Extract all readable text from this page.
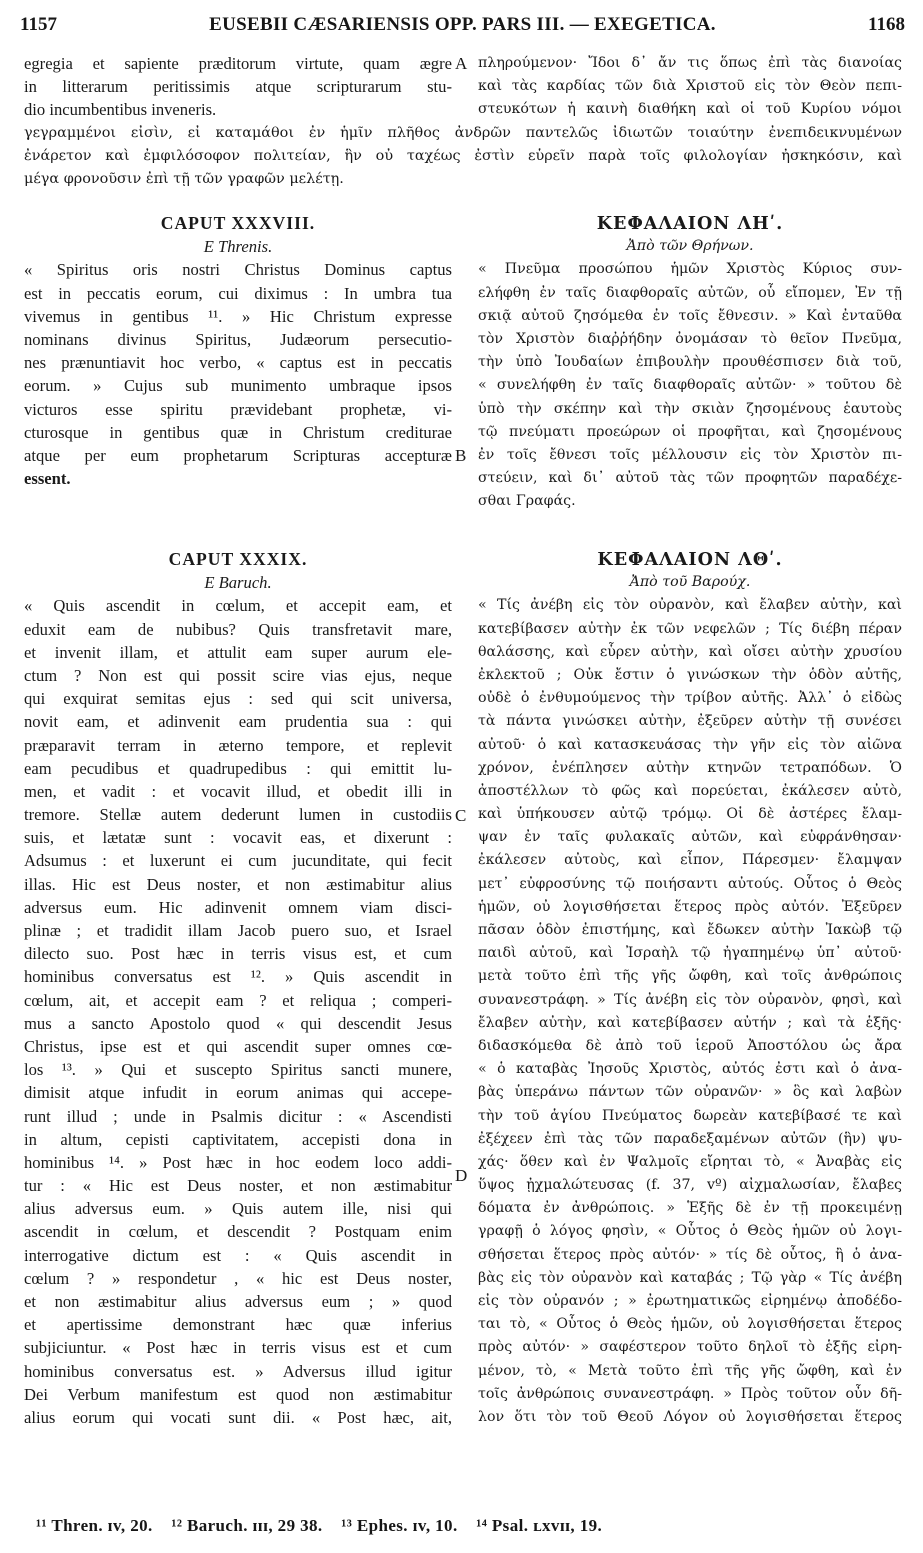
1157	EUSEBII CÆSARIENSIS OPP. PARS III. — EXEGETICA.	1168
egregia et sapiente præditorum virtute, quam ægre
in litterarum peritissimis atque scripturarum stu-
dio incumbentibus inveneris.
πληρούμενον· Ἴδοι δ᾽ ἄν τις ὅπως ἐπὶ τὰς διανοίας
καὶ τὰς καρδίας τῶν διὰ Χριστοῦ εἰς τὸν Θεὸν πεπι-
στευκότων ἡ καινὴ διαθήκη καὶ οἱ τοῦ Κυρίου νόμοι
γεγραμμένοι εἰσὶν, εἰ καταμάθοι ἐν ἡμῖν πλῆθος ἀνδρῶν παντελῶς ἰδιωτῶν τοιαύτην ἐνεπιδεικνυμένων
ἐνάρετον καὶ ἐμφιλόσοφον πολιτείαν, ἣν οὐ ταχέως ἐστὶν εὑρεῖν παρὰ τοῖς φιλολογίαν ἠσκηκόσιν, καὶ
μέγα φρονοῦσιν ἐπὶ τῇ τῶν γραφῶν μελέτῃ.
CAPUT XXXVIII.
E Threnis.
« Spiritus oris nostri Christus Dominus captus
est in peccatis eorum, cui diximus : In umbra tua
vivemus in gentibus ¹¹. » Hic Christum expresse
nominans divinus Spiritus, Judæorum persecutio-
nes prænuntiavit hoc verbo, « captus est in peccatis
eorum. » Cujus sub munimento umbraque ipsos
victuros esse spiritu prævidebant prophetæ, vi-
cturosque in gentibus quæ in Christum crediturae
atque per eum prophetarum Scripturas accepturæ
essent.
ΚΕΦΑΛΑΙΟΝ ΛΗʹ.
Ἀπὸ τῶν Θρήνων.
« Πνεῦμα προσώπου ἡμῶν Χριστὸς Κύριος συν-
ελήφθη ἐν ταῖς διαφθοραῖς αὐτῶν, οὗ εἴπομεν, Ἐν τῇ
σκιᾷ αὐτοῦ ζησόμεθα ἐν τοῖς ἔθνεσιν. » Καὶ ἐνταῦθα
τὸν Χριστὸν διαῤῥήδην ὀνομάσαν τὸ θεῖον Πνεῦμα,
τὴν ὑπὸ Ἰουδαίων ἐπιβουλὴν προυθέσπισεν διὰ τοῦ,
« συνελήφθη ἐν ταῖς διαφθοραῖς αὐτῶν· » τοῦτου δὲ
ὑπὸ τὴν σκέπην καὶ τὴν σκιὰν ζησομένους ἑαυτοὺς
τῷ πνεύματι προεώρων οἱ προφῆται, καὶ ζησομένους
ἐν τοῖς ἔθνεσι τοῖς μέλλουσιν εἰς τὸν Χριστὸν πι-
στεύειν, καὶ δι᾽ αὐτοῦ τὰς τῶν προφητῶν παραδέχε-
σθαι Γραφάς.
CAPUT XXXIX.
E Baruch.
« Quis ascendit in cœlum, et accepit eam, et
eduxit eam de nubibus? Quis transfretavit mare,
et invenit illam, et attulit eam super aurum ele-
ctum ? Non est qui possit scire vias ejus, neque
qui exquirat semitas ejus : sed qui scit universa,
novit eam, et adinvenit eam prudentia sua : qui
præparavit terram in æterno tempore, et replevit
eam pecudibus et quadrupedibus : qui emittit lu-
men, et vadit : et vocavit illud, et obedit illi in
tremore. Stellæ autem dederunt lumen in custodiis
suis, et lætatæ sunt : vocavit eas, et dixerunt :
Adsumus : et luxerunt ei cum jucunditate, qui fecit
illas. Hic est Deus noster, et non æstimabitur alius
adversus eum. Hic adinvenit omnem viam disci-
plinæ ; et tradidit illam Jacob puero suo, et Israel
dilecto suo. Post hæc in terris visus est, et cum
hominibus conversatus est ¹². » Quis ascendit in
cœlum, ait, et accepit eam ? et reliqua ; comperi-
mus a sancto Apostolo quod « qui descendit Jesus
Christus, ipse est et qui ascendit super omnes cœ-
los ¹³. » Qui et suscepto Spiritus sancti munere,
dimisit atque infudit in eorum animas qui accepe-
runt illud ; unde in Psalmis dicitur : « Ascendisti
in altum, cepisti captivitatem, accepisti dona in
hominibus ¹⁴. » Post hæc in hoc eodem loco addi-
tur : « Hic est Deus noster, et non æstimabitur
alius adversus eum. » Quis autem ille, nisi qui
ascendit in cœlum, et descendit ? Postquam enim
interrogative dictum est : « Quis ascendit in
cœlum ? » respondetur , « hic est Deus noster,
et non æstimabitur alius adversus eum ; » quod
et apertissime demonstrant hæc quæ inferius
subjiciuntur. « Post hæc in terris visus est et cum
hominibus conversatus est. » Adversus illud igitur
Dei Verbum manifestum est quod non æstimabitur
alius eorum qui vocati sunt dii. « Post hæc, ait,
ΚΕΦΑΛΑΙΟΝ ΛΘʹ.
Ἀπὸ τοῦ Βαρούχ.
« Τίς ἀνέβη εἰς τὸν οὐρανὸν, καὶ ἔλαβεν αὐτὴν, καὶ
κατεβίβασεν αὐτὴν ἐκ τῶν νεφελῶν ; Τίς διέβη πέραν
θαλάσσης, καὶ εὗρεν αὐτὴν, καὶ οἴσει αὐτὴν χρυσίου
ἐκλεκτοῦ ; Οὐκ ἔστιν ὁ γινώσκων τὴν ὁδὸν αὐτῆς,
οὐδὲ ὁ ἐνθυμούμενος τὴν τρίβον αὐτῆς. Ἀλλ᾽ ὁ εἰδὼς
τὰ πάντα γινώσκει αὐτὴν, ἐξεῦρεν αὐτὴν τῇ συνέσει
αὐτοῦ· ὁ καὶ κατασκευάσας τὴν γῆν εἰς τὸν αἰῶνα
χρόνον, ἐνέπλησεν αὐτὴν κτηνῶν τετραπόδων. Ὁ
ἀποστέλλων τὸ φῶς καὶ πορεύεται, ἐκάλεσεν αὐτὸ,
καὶ ὑπήκουσεν αὐτῷ τρόμῳ. Οἱ δὲ ἀστέρες ἔλαμ-
ψαν ἐν ταῖς φυλακαῖς αὐτῶν, καὶ εὐφράνθησαν·
ἐκάλεσεν αὐτοὺς, καὶ εἶπον, Πάρεσμεν· ἔλαμψαν
μετ᾽ εὐφροσύνης τῷ ποιήσαντι αὐτούς. Οὗτος ὁ Θεὸς
ἡμῶν, οὐ λογισθήσεται ἕτερος πρὸς αὐτόν. Ἐξεῦρεν
πᾶσαν ὁδὸν ἐπιστήμης, καὶ ἔδωκεν αὐτὴν Ἰακὼβ τῷ
παιδὶ αὐτοῦ, καὶ Ἰσραὴλ τῷ ἠγαπημένῳ ὑπ᾽ αὐτοῦ·
μετὰ τοῦτο ἐπὶ τῆς γῆς ὤφθη, καὶ τοῖς ἀνθρώποις
συνανεστράφη. » Τίς ἀνέβη εἰς τὸν οὐρανὸν, φησὶ, καὶ
ἔλαβεν αὐτὴν, καὶ κατεβίβασεν αὐτήν ; καὶ τὰ ἑξῆς·
διδασκόμεθα δὲ ἀπὸ τοῦ ἱεροῦ Ἀποστόλου ὡς ἄρα
« ὁ καταβὰς Ἰησοῦς Χριστὸς, αὐτός ἐστι καὶ ὁ ἀνα-
βὰς ὑπεράνω πάντων τῶν οὐρανῶν· » ὃς καὶ λαβὼν
τὴν τοῦ ἁγίου Πνεύματος δωρεὰν κατεβίβασέ τε καὶ
ἐξέχεεν ἐπὶ τὰς τῶν παραδεξαμένων αὐτῶν (ἣν) ψυ-
χάς· ὅθεν καὶ ἐν Ψαλμοῖς εἴρηται τὸ, « Ἀναβὰς εἰς
ὕψος ᾐχμαλώτευσας (f. 37, vº) αἰχμαλωσίαν, ἔλαβες
δόματα ἐν ἀνθρώποις. » Ἑξῆς δὲ ἐν τῇ προκειμένῃ
γραφῇ ὁ λόγος φησὶν, « Οὗτος ὁ Θεὸς ἡμῶν οὐ λογι-
σθήσεται ἕτερος πρὸς αὐτόν· » τίς δὲ οὗτος, ἢ ὁ ἀνα-
βὰς εἰς τὸν οὐρανὸν καὶ καταβάς ; Τῷ γὰρ « Τίς ἀνέβη
εἰς τὸν οὐρανόν ; » ἐρωτηματικῶς εἰρημένῳ ἀποδέδο-
ται τὸ, « Οὗτος ὁ Θεὸς ἡμῶν, οὐ λογισθήσεται ἕτερος
πρὸς αὐτόν· » σαφέστερον τοῦτο δηλοῖ τὸ ἑξῆς εἰρη-
μένον, τὸ, « Μετὰ τοῦτο ἐπὶ τῆς γῆς ὤφθη, καὶ ἐν
τοῖς ἀνθρώποις συνανεστράφη. » Πρὸς τοῦτον οὖν δῆ-
λον ὅτι τὸν τοῦ Θεοῦ Λόγον οὐ λογισθήσεται ἕτερος
A
B
C
D
¹¹ Thren. ɪv, 20. ¹² Baruch. ɪɪɪ, 29 38. ¹³ Ephes. ɪv, 10. ¹⁴ Psal. ʟxvɪɪ, 19.
